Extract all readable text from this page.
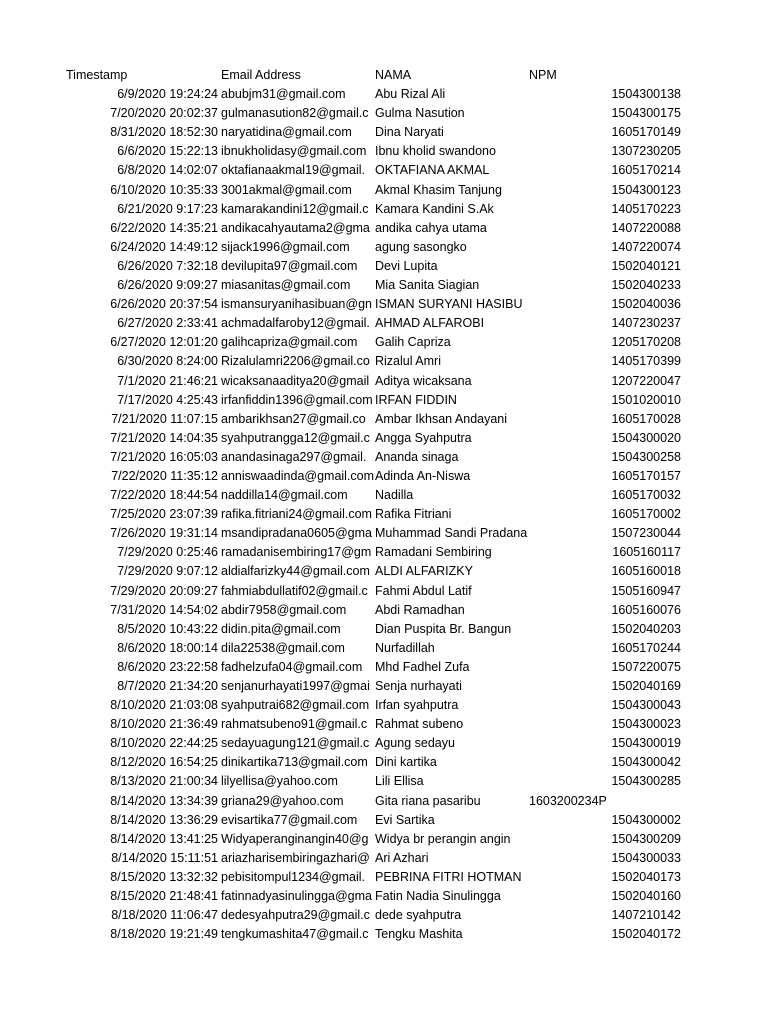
Timestamp	Email Address	NAMA	NPM
6/9/2020 19:24:24 abubjm31@gmail.com	Abu Rizal Ali	1504300138
7/20/2020 20:02:37 gulmanasution82@gmail.c Gulma Nasution	1504300175
8/31/2020 18:52:30 naryatidina@gmail.com	Dina Naryati	1605170149
6/6/2020 15:22:13 ibnukholidasy@gmail.com Ibnu kholid swandono	1307230205
6/8/2020 14:02:07 oktafianaakmal19@gmail. OKTAFIANA AKMAL	1605170214
6/10/2020 10:35:33 3001akmal@gmail.com	Akmal Khasim Tanjung	1504300123
6/21/2020 9:17:23 kamarakandini12@gmail.c Kamara Kandini S.Ak	1405170223
6/22/2020 14:35:21 andikacahyautama2@gma andika cahya utama	1407220088
6/24/2020 14:49:12 sijack1996@gmail.com	agung sasongko	1407220074
6/26/2020 7:32:18 devilupita97@gmail.com	Devi Lupita	1502040121
6/26/2020 9:09:27 miasanitas@gmail.com	Mia Sanita Siagian	1502040233
6/26/2020 20:37:54 ismansuryanihasibuan@gn ISMAN SURYANI HASIBU	1502040036
6/27/2020 2:33:41 achmadalfaroby12@gmail. AHMAD ALFAROBI	1407230237
6/27/2020 12:01:20 galihcapriza@gmail.com	Galih Capriza	1205170208
6/30/2020 8:24:00 Rizalulamri2206@gmail.co Rizalul Amri	1405170399
7/1/2020 21:46:21 wicaksanaaditya20@gmail Aditya wicaksana	1207220047
7/17/2020 4:25:43 irfanfiddin1396@gmail.com IRFAN FIDDIN	1501020010
7/21/2020 11:07:15 ambarikhsan27@gmail.co Ambar Ikhsan Andayani	1605170028
7/21/2020 14:04:35 syahputrangga12@gmail.c Angga Syahputra	1504300020
7/21/2020 16:05:03 anandasinaga297@gmail. Ananda sinaga	1504300258
7/22/2020 11:35:12 anniswaadinda@gmail.com Adinda An-Niswa	1605170157
7/22/2020 18:44:54 naddilla14@gmail.com	Nadilla	1605170032
7/25/2020 23:07:39 rafika.fitriani24@gmail.com Rafika Fitriani	1605170002
7/26/2020 19:31:14 msandipradana0605@gma Muhammad Sandi Pradana	1507230044
7/29/2020 0:25:46 ramadanisembiring17@gm Ramadani Sembiring	1605160117
7/29/2020 9:07:12 aldialfarizky44@gmail.com ALDI ALFARIZKY	1605160018
7/29/2020 20:09:27 fahmiabdullatif02@gmail.c Fahmi Abdul Latif	1505160947
7/31/2020 14:54:02 abdir7958@gmail.com	Abdi Ramadhan	1605160076
8/5/2020 10:43:22 didin.pita@gmail.com	Dian Puspita Br. Bangun	1502040203
8/6/2020 18:00:14 dila22538@gmail.com	Nurfadillah	1605170244
8/6/2020 23:22:58 fadhelzufa04@gmail.com	Mhd Fadhel Zufa	1507220075
8/7/2020 21:34:20 senjanurhayati1997@gmai Senja nurhayati	1502040169
8/10/2020 21:03:08 syahputrai682@gmail.com Irfan syahputra	1504300043
8/10/2020 21:36:49 rahmatsubeno91@gmail.c Rahmat subeno	1504300023
8/10/2020 22:44:25 sedayuagung121@gmail.c Agung sedayu	1504300019
8/12/2020 16:54:25 dinikartika713@gmail.com Dini kartika	1504300042
8/13/2020 21:00:34 lilyellisa@yahoo.com	Lili Ellisa	1504300285
8/14/2020 13:34:39 griana29@yahoo.com	Gita riana pasaribu	1603200234P
8/14/2020 13:36:29 evisartika77@gmail.com	Evi Sartika	1504300002
8/14/2020 13:41:25 Widyaperanginangin40@g Widya br perangin angin	1504300209
8/14/2020 15:11:51 ariazharisembiringazhari@ Ari Azhari	1504300033
8/15/2020 13:32:32 pebisitompul1234@gmail. PEBRINA FITRI HOTMAN	1502040173
8/15/2020 21:48:41 fatinnadyasinulingga@gma Fatin Nadia Sinulingga	1502040160
8/18/2020 11:06:47 dedesyahputra29@gmail.c dede syahputra	1407210142
8/18/2020 19:21:49 tengkumashita47@gmail.c Tengku Mashita	1502040172
